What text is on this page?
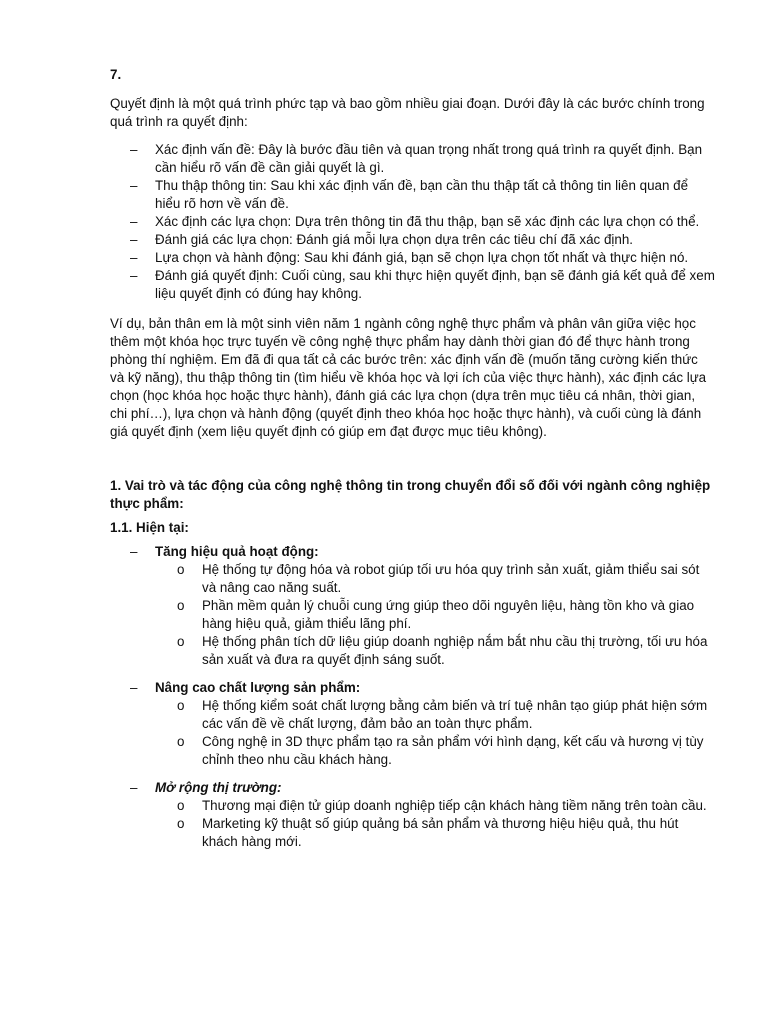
7.

Quyết định là một quá trình phức tạp và bao gồm nhiều giai đoạn. Dưới đây là các bước chính trong quá trình ra quyết định:

– Xác định vấn đề: Đây là bước đầu tiên và quan trọng nhất trong quá trình ra quyết định. Bạn cần hiểu rõ vấn đề cần giải quyết là gì.
– Thu thập thông tin: Sau khi xác định vấn đề, bạn cần thu thập tất cả thông tin liên quan để hiểu rõ hơn về vấn đề.
– Xác định các lựa chọn: Dựa trên thông tin đã thu thập, bạn sẽ xác định các lựa chọn có thể.
– Đánh giá các lựa chọn: Đánh giá mỗi lựa chọn dựa trên các tiêu chí đã xác định.
– Lựa chọn và hành động: Sau khi đánh giá, bạn sẽ chọn lựa chọn tốt nhất và thực hiện nó.
– Đánh giá quyết định: Cuối cùng, sau khi thực hiện quyết định, bạn sẽ đánh giá kết quả để xem liệu quyết định có đúng hay không.

Ví dụ, bản thân em là một sinh viên năm 1 ngành công nghệ thực phẩm và phân vân giữa việc học thêm một khóa học trực tuyến về công nghệ thực phẩm hay dành thời gian đó để thực hành trong phòng thí nghiệm. Em đã đi qua tất cả các bước trên: xác định vấn đề (muốn tăng cường kiến thức và kỹ năng), thu thập thông tin (tìm hiểu về khóa học và lợi ích của việc thực hành), xác định các lựa chọn (học khóa học hoặc thực hành), đánh giá các lựa chọn (dựa trên mục tiêu cá nhân, thời gian, chi phí…), lựa chọn và hành động (quyết định theo khóa học hoặc thực hành), và cuối cùng là đánh giá quyết định (xem liệu quyết định có giúp em đạt được mục tiêu không).

1. Vai trò và tác động của công nghệ thông tin trong chuyển đổi số đối với ngành công nghiệp thực phẩm:

1.1. Hiện tại:

– Tăng hiệu quả hoạt động:
o Hệ thống tự động hóa và robot giúp tối ưu hóa quy trình sản xuất, giảm thiểu sai sót và nâng cao năng suất.
o Phần mềm quản lý chuỗi cung ứng giúp theo dõi nguyên liệu, hàng tồn kho và giao hàng hiệu quả, giảm thiểu lãng phí.
o Hệ thống phân tích dữ liệu giúp doanh nghiệp nắm bắt nhu cầu thị trường, tối ưu hóa sản xuất và đưa ra quyết định sáng suốt.
– Nâng cao chất lượng sản phẩm:
o Hệ thống kiểm soát chất lượng bằng cảm biến và trí tuệ nhân tạo giúp phát hiện sớm các vấn đề về chất lượng, đảm bảo an toàn thực phẩm.
o Công nghệ in 3D thực phẩm tạo ra sản phẩm với hình dạng, kết cấu và hương vị tùy chỉnh theo nhu cầu khách hàng.
– Mở rộng thị trường:
o Thương mại điện tử giúp doanh nghiệp tiếp cận khách hàng tiềm năng trên toàn cầu.
o Marketing kỹ thuật số giúp quảng bá sản phẩm và thương hiệu hiệu quả, thu hút khách hàng mới.
